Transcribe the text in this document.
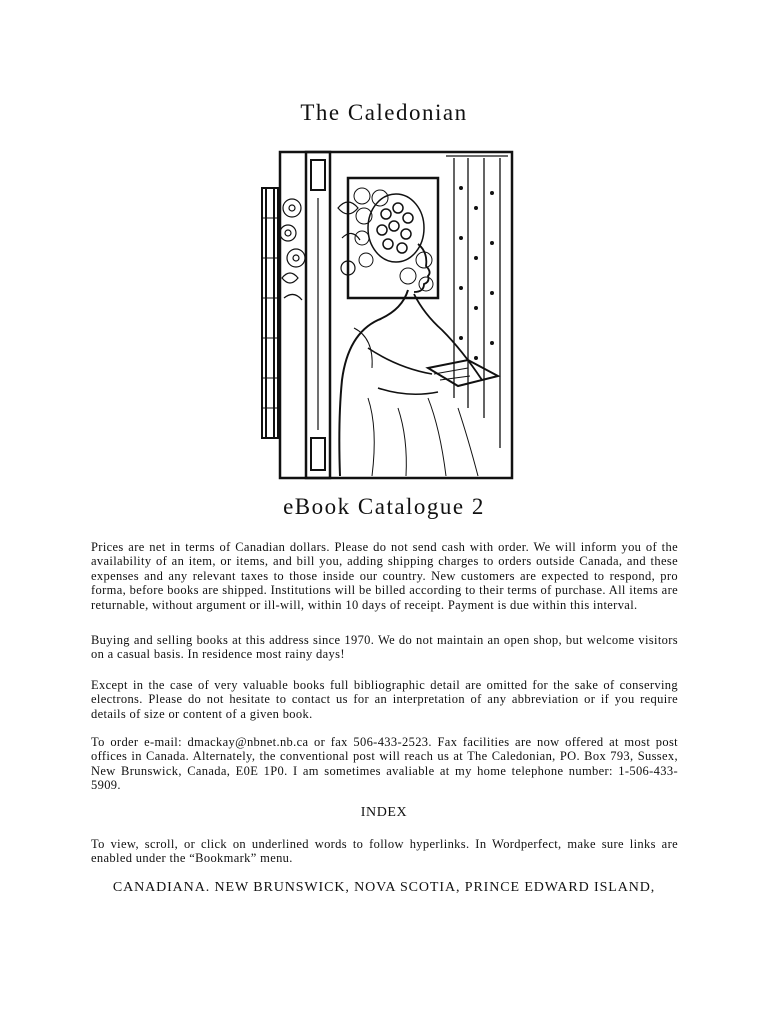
The Caledonian
eBook Catalogue 2

Prices are net in terms of Canadian dollars. Please do not send cash with order. We will inform you of the availability of an item, or items, and bill you, adding shipping charges to orders outside Canada, and these expenses and any relevant taxes to those inside our country. New customers are expected to respond, pro forma, before books are shipped. Institutions will be billed according to their terms of purchase. All items are returnable, without argument or ill-will, within 10 days of receipt. Payment is due within this interval.

Buying and selling books at this address since 1970. We do not maintain an open shop, but welcome visitors on a casual basis. In residence most rainy days!

Except in the case of very valuable books full bibliographic detail are omitted for the sake of conserving electrons. Please do not hesitate to contact us for an interpretation of any abbreviation or if you require details of size or content of a given book.

To order e-mail: dmackay@nbnet.nb.ca or fax 506-433-2523. Fax facilities are now offered at most post offices in Canada. Alternately, the conventional post will reach us at The Caledonian, PO. Box 793, Sussex, New Brunswick, Canada, E0E 1P0. I am sometimes avaliable at my home telephone number: 1-506-433-5909.

INDEX

To view, scroll, or click on underlined words to follow hyperlinks. In Wordperfect, make sure links are enabled under the “Bookmark” menu.

CANADIANA. NEW BRUNSWICK, NOVA SCOTIA, PRINCE EDWARD ISLAND,
